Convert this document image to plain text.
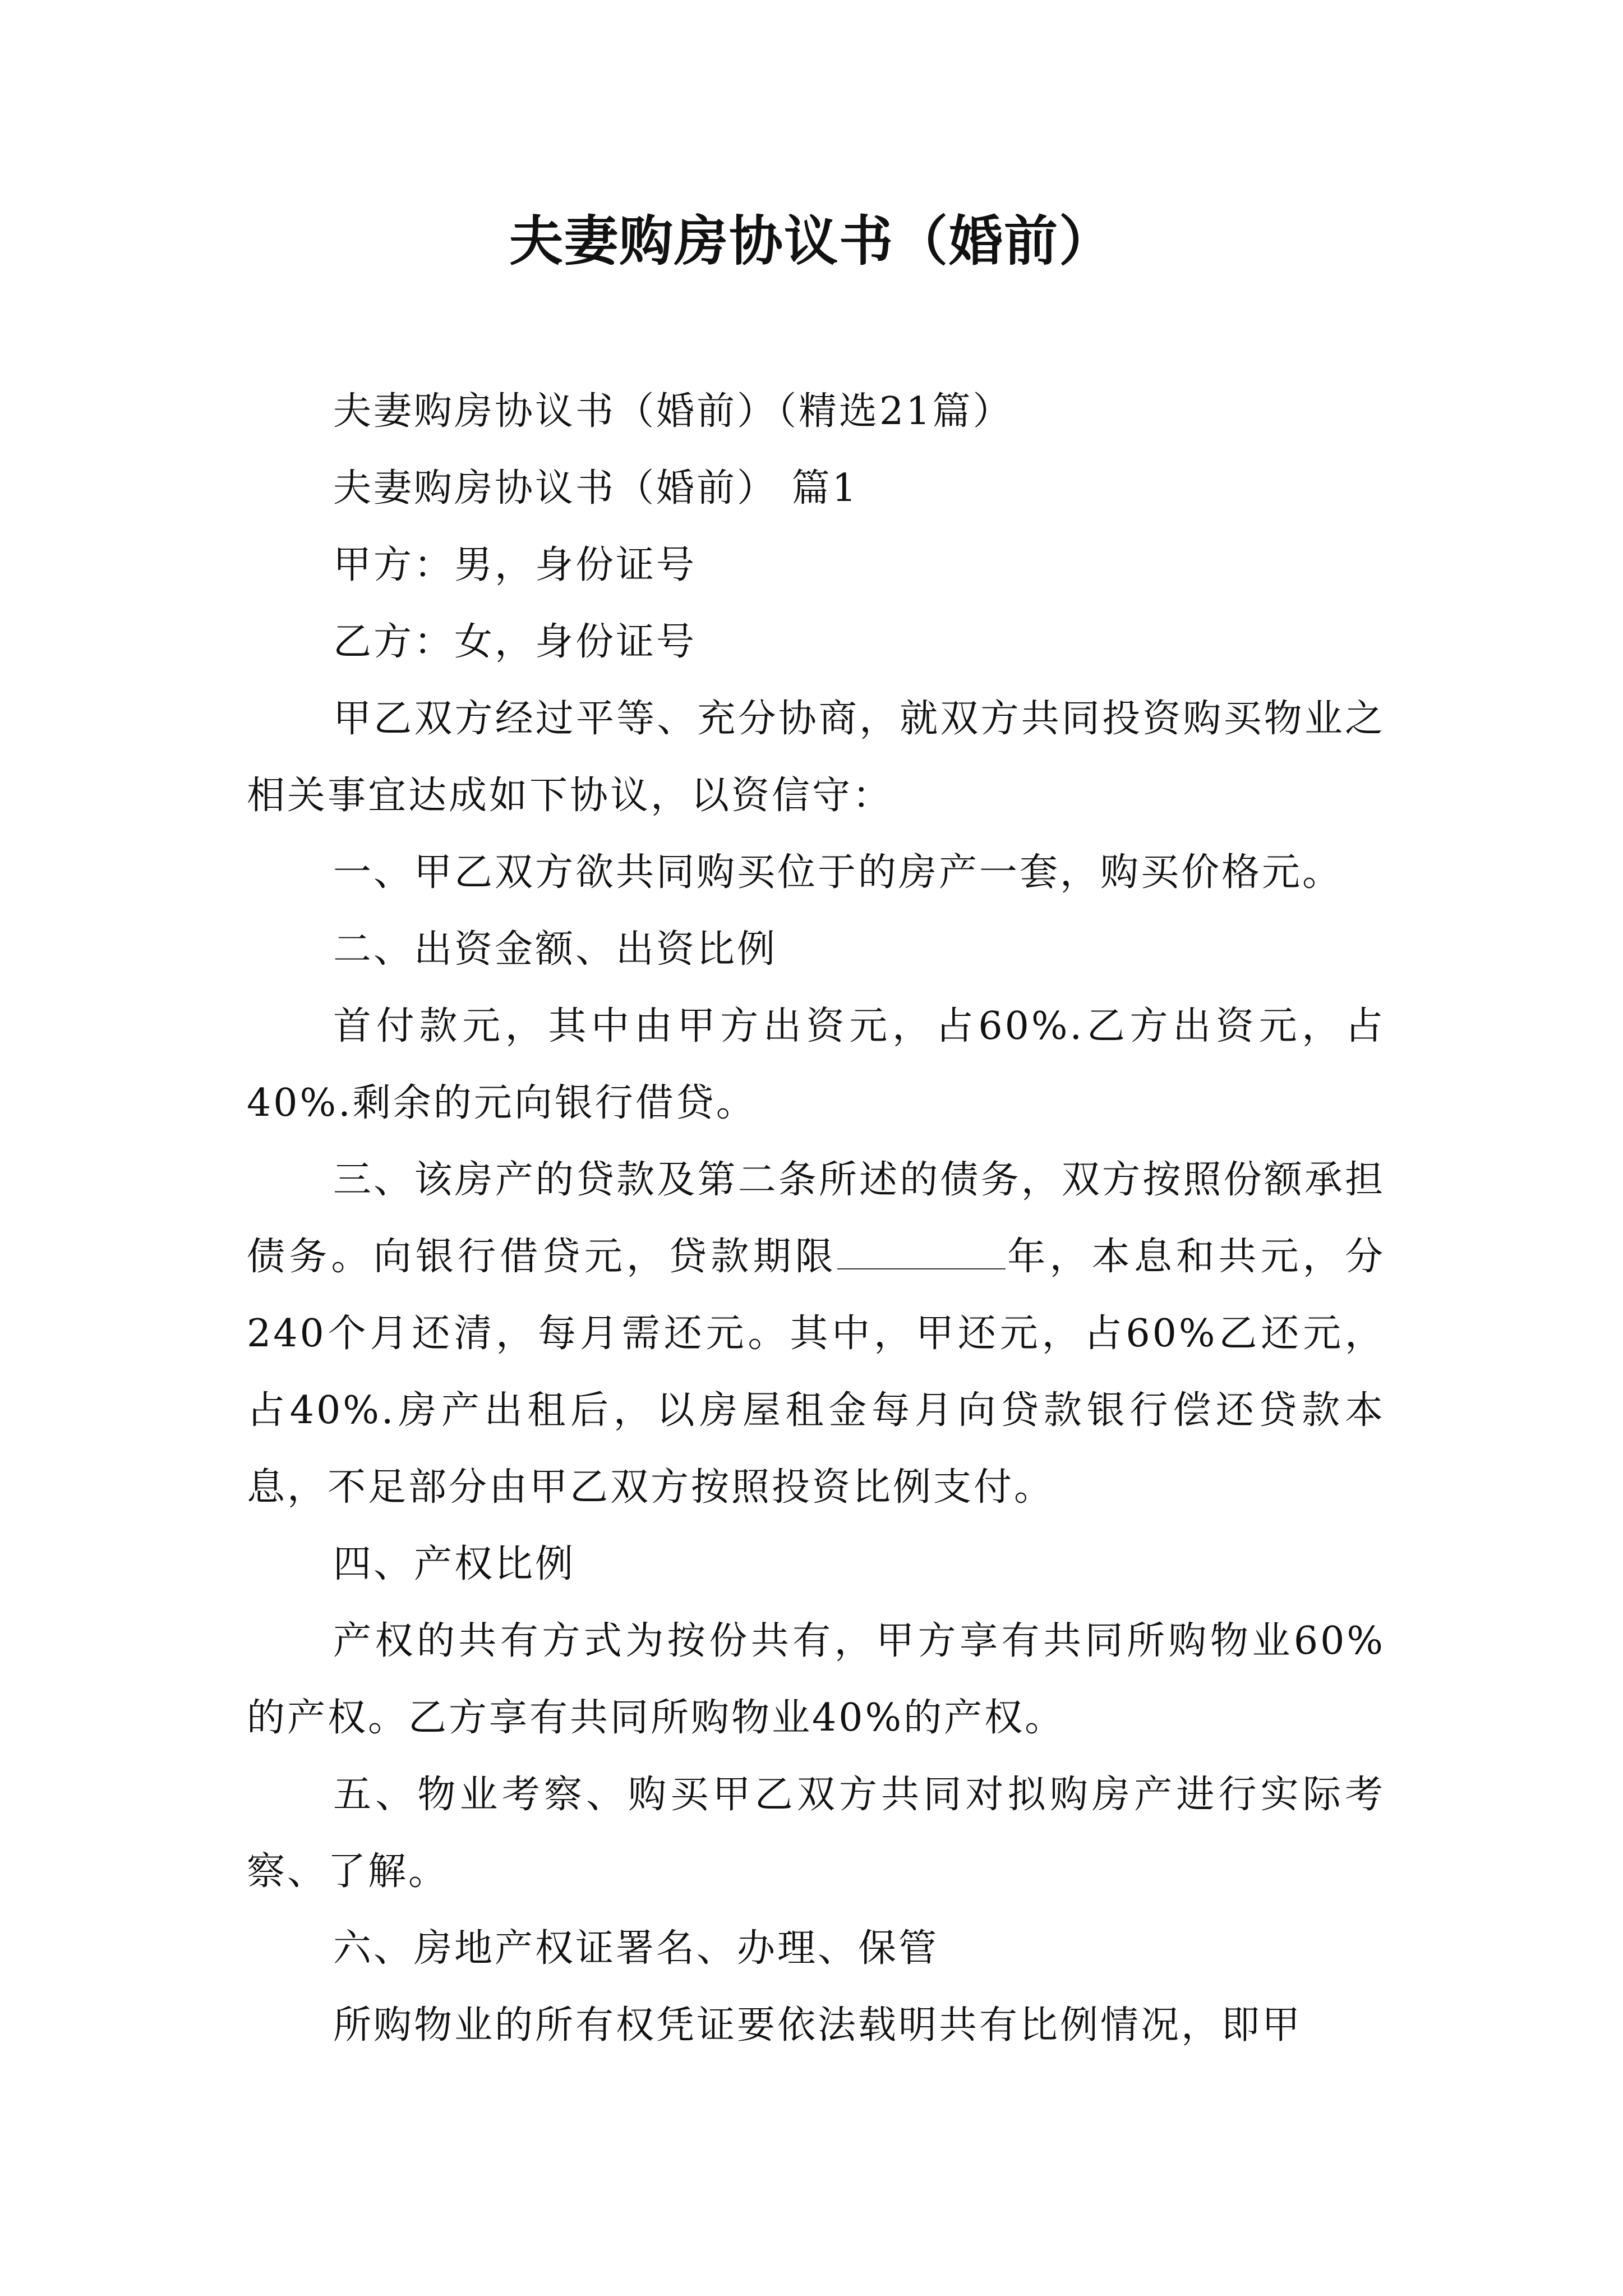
夫妻购房协议书（婚前）

夫妻购房协议书（婚前）（精选21篇）

夫妻购房协议书（婚前） 篇1

甲方：男，身份证号

乙方：女，身份证号

甲乙双方经过平等、充分协商，就双方共同投资购买物业之相关事宜达成如下协议，以资信守：

一、甲乙双方欲共同购买位于的房产一套，购买价格元。

二、出资金额、出资比例

首付款元，其中由甲方出资元，占60%.乙方出资元，占40%.剩余的元向银行借贷。

三、该房产的贷款及第二条所述的债务，双方按照份额承担债务。向银行借贷元，贷款期限	年，本息和共元，分240个月还清，每月需还元。其中，甲还元，占60%乙还元，占40%.房产出租后，以房屋租金每月向贷款银行偿还贷款本息，不足部分由甲乙双方按照投资比例支付。

四、产权比例

产权的共有方式为按份共有，甲方享有共同所购物业60%的产权。乙方享有共同所购物业40%的产权。

五、物业考察、购买甲乙双方共同对拟购房产进行实际考察、了解。

六、房地产权证署名、办理、保管

所购物业的所有权凭证要依法载明共有比例情况，即甲
